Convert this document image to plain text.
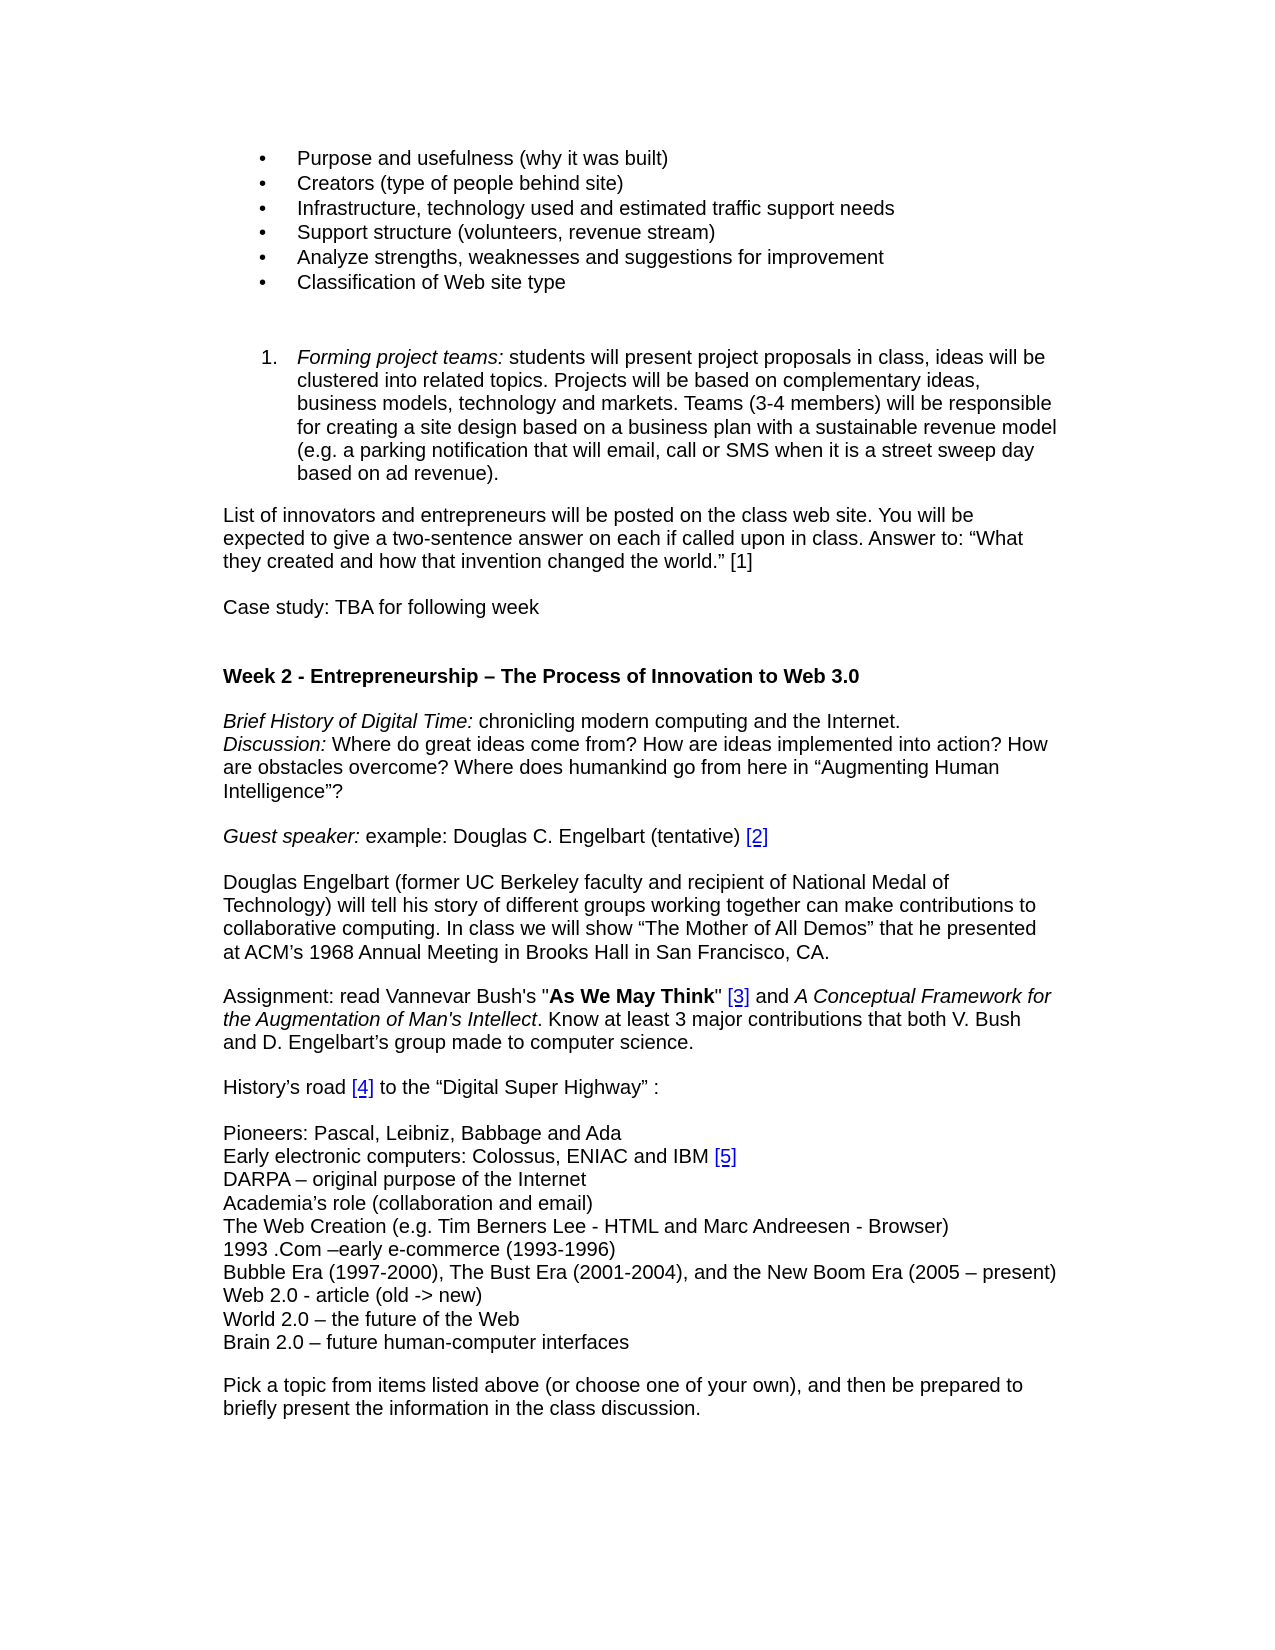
• Purpose and usefulness (why it was built)
• Creators (type of people behind site)
• Infrastructure, technology used and estimated traffic support needs
• Support structure (volunteers, revenue stream)
• Analyze strengths, weaknesses and suggestions for improvement
• Classification of Web site type
1. Forming project teams: students will present project proposals in class, ideas will be
clustered into related topics. Projects will be based on complementary ideas,
business models, technology and markets. Teams (3-4 members) will be responsible
for creating a site design based on a business plan with a sustainable revenue model
(e.g. a parking notification that will email, call or SMS when it is a street sweep day
based on ad revenue).
List of innovators and entrepreneurs will be posted on the class web site. You will be
expected to give a two-sentence answer on each if called upon in class. Answer to: “What
they created and how that invention changed the world.” [1]
Case study: TBA for following week
Week 2 - Entrepreneurship – The Process of Innovation to Web 3.0
Brief History of Digital Time: chronicling modern computing and the Internet.
Discussion: Where do great ideas come from? How are ideas implemented into action? How
are obstacles overcome? Where does humankind go from here in “Augmenting Human
Intelligence”?
Guest speaker: example: Douglas C. Engelbart (tentative) [2]
Douglas Engelbart (former UC Berkeley faculty and recipient of National Medal of
Technology) will tell his story of different groups working together can make contributions to
collaborative computing. In class we will show “The Mother of All Demos” that he presented
at ACM’s 1968 Annual Meeting in Brooks Hall in San Francisco, CA.
Assignment: read Vannevar Bush's "As We May Think" [3] and A Conceptual Framework for
the Augmentation of Man's Intellect. Know at least 3 major contributions that both V. Bush
and D. Engelbart’s group made to computer science.
History’s road [4] to the “Digital Super Highway” :
Pioneers: Pascal, Leibniz, Babbage and Ada
Early electronic computers: Colossus, ENIAC and IBM [5]
DARPA – original purpose of the Internet
Academia’s role (collaboration and email)
The Web Creation (e.g. Tim Berners Lee - HTML and Marc Andreesen - Browser)
1993 .Com –early e-commerce (1993-1996)
Bubble Era (1997-2000), The Bust Era (2001-2004), and the New Boom Era (2005 – present)
Web 2.0 - article (old -> new)
World 2.0 – the future of the Web
Brain 2.0 – future human-computer interfaces
Pick a topic from items listed above (or choose one of your own), and then be prepared to
briefly present the information in the class discussion.
